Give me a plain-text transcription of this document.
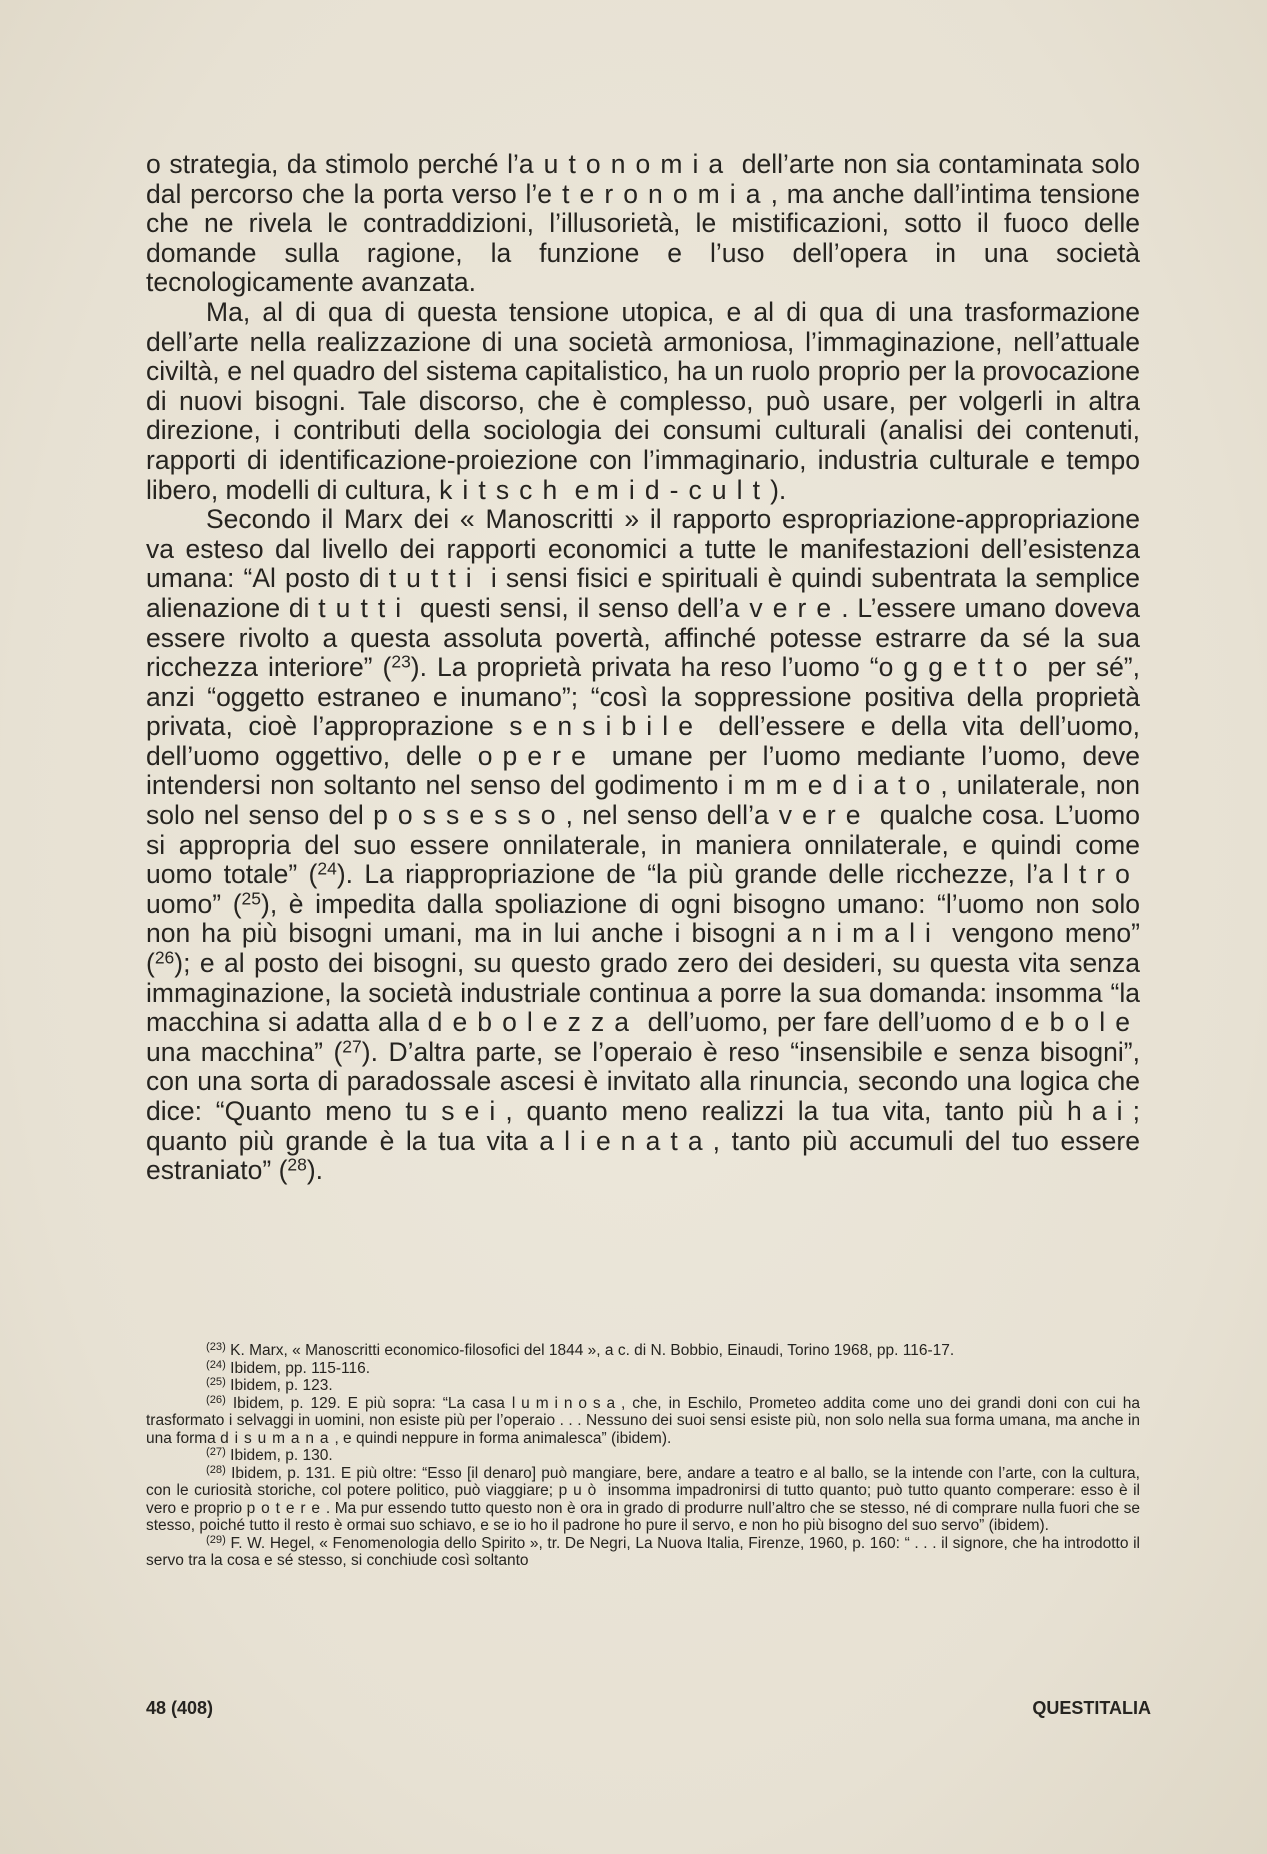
o strategia, da stimolo perché l’autonomia dell’arte non sia contaminata solo dal percorso che la porta verso l’eteronomia, ma anche dall’intima tensione che ne rivela le contraddizioni, l’illusorietà, le mistificazioni, sotto il fuoco delle domande sulla ragione, la funzione e l’uso dell’opera in una società tecnologicamente avanzata.

Ma, al di qua di questa tensione utopica, e al di qua di una trasformazione dell’arte nella realizzazione di una società armoniosa, l’immaginazione, nell’attuale civiltà, e nel quadro del sistema capitalistico, ha un ruolo proprio per la provocazione di nuovi bisogni. Tale discorso, che è complesso, può usare, per volgerli in altra direzione, i contributi della sociologia dei consumi culturali (analisi dei contenuti, rapporti di identificazione-proiezione con l’immaginario, industria culturale e tempo libero, modelli di cultura, kitsch e mid-cult).

Secondo il Marx dei « Manoscritti » il rapporto espropriazione-appropriazione va esteso dal livello dei rapporti economici a tutte le manifestazioni dell’esistenza umana: “Al posto di tutti i sensi fisici e spirituali è quindi subentrata la semplice alienazione di tutti questi sensi, il senso dell’avere. L’essere umano doveva essere rivolto a questa assoluta povertà, affinché potesse estrarre da sé la sua ricchezza interiore” ($^{23}$). La proprietà privata ha reso l’uomo “oggetto per sé”, anzi “oggetto estraneo e inumano”; “così la soppressione positiva della proprietà privata, cioè l’approprazione sensibile dell’essere e della vita dell’uomo, dell’uomo oggettivo, delle opere umane per l’uomo mediante l’uomo, deve intendersi non soltanto nel senso del godimento immediato, unilaterale, non solo nel senso del possesso, nel senso dell’avere qualche cosa. L’uomo si appropria del suo essere onnilaterale, in maniera onnilaterale, e quindi come uomo totale” ($^{24}$). La riappropriazione de “la più grande delle ricchezze, l’altro uomo” ($^{25}$), è impedita dalla spoliazione di ogni bisogno umano: “l’uomo non solo non ha più bisogni umani, ma in lui anche i bisogni animali vengono meno” ($^{26}$); e al posto dei bisogni, su questo grado zero dei desideri, su questa vita senza immaginazione, la società industriale continua a porre la sua domanda: insomma “la macchina si adatta alla debolezza dell’uomo, per fare dell’uomo debole una macchina” ($^{27}$). D’altra parte, se l’operaio è reso “insensibile e senza bisogni”, con una sorta di paradossale ascesi è invitato alla rinuncia, secondo una logica che dice: “Quanto meno tu sei, quanto meno realizzi la tua vita, tanto più hai; quanto più grande è la tua vita alienata, tanto più accumuli del tuo essere estraniato” ($^{28}$).

$^{(23)}$ K. Marx, « Manoscritti economico-filosofici del 1844 », a c. di N. Bobbio, Einaudi, Torino 1968, pp. 116-17.

$^{(24)}$ Ibidem, pp. 115-116.

$^{(25)}$ Ibidem, p. 123.

$^{(26)}$ Ibidem, p. 129. E più sopra: “La casa luminosa, che, in Eschilo, Prometeo addita come uno dei grandi doni con cui ha trasformato i selvaggi in uomini, non esiste più per l’operaio . . . Nessuno dei suoi sensi esiste più, non solo nella sua forma umana, ma anche in una forma disumana, e quindi neppure in forma animalesca” (ibidem).

$^{(27)}$ Ibidem, p. 130.

$^{(28)}$ Ibidem, p. 131. E più oltre: “Esso [il denaro] può mangiare, bere, andare a teatro e al ballo, se la intende con l’arte, con la cultura, con le curiosità storiche, col potere politico, può viaggiare; può insomma impadronirsi di tutto quanto; può tutto quanto comperare: esso è il vero e proprio potere. Ma pur essendo tutto questo non è ora in grado di produrre null’altro che se stesso, né di comprare nulla fuori che se stesso, poiché tutto il resto è ormai suo schiavo, e se io ho il padrone ho pure il servo, e non ho più bisogno del suo servo” (ibidem).

$^{(29)}$ F. W. Hegel, « Fenomenologia dello Spirito », tr. De Negri, La Nuova Italia, Firenze, 1960, p. 160: “ . . . il signore, che ha introdotto il servo tra la cosa e sé stesso, si conchiude così soltanto

48 (408)	QUESTITALIA
